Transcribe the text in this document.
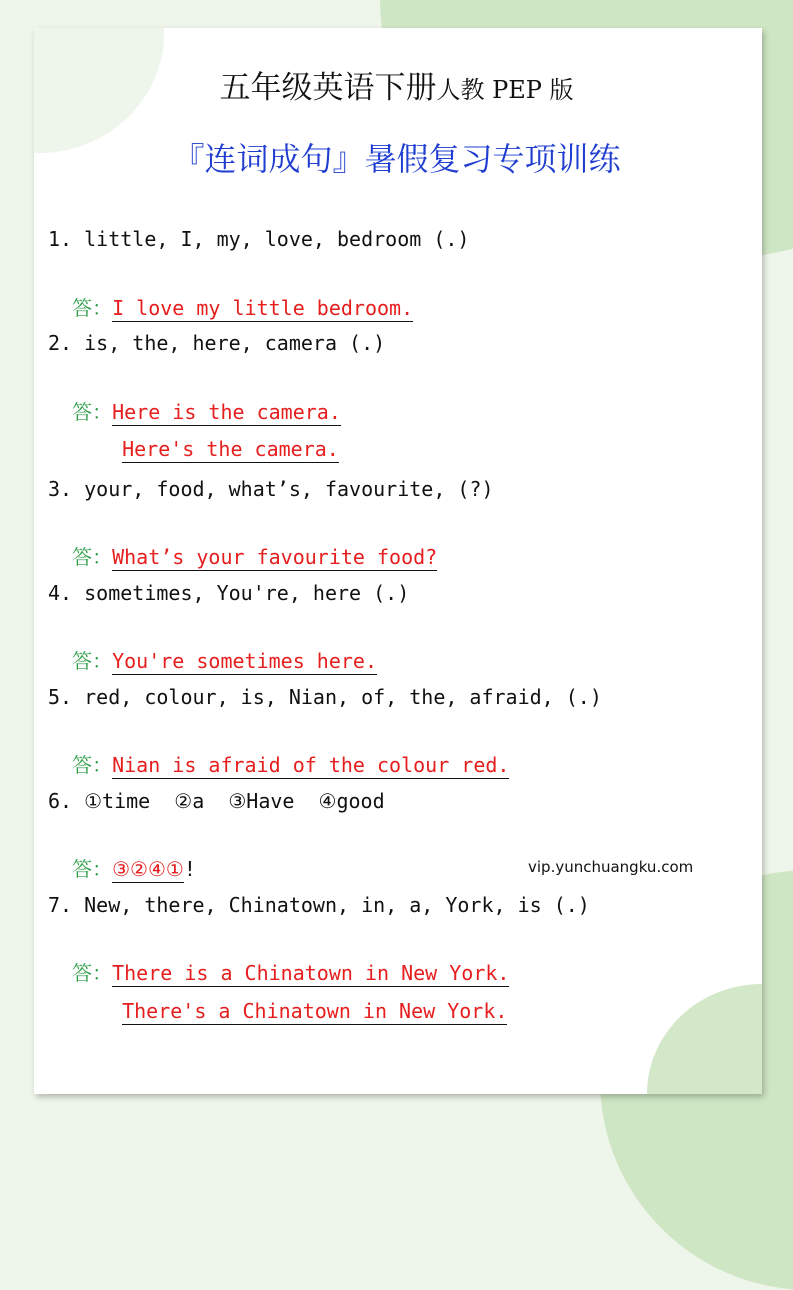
五年级英语下册人教 PEP 版
『连词成句』暑假复习专项训练
1. little, I, my, love, bedroom (.)

答：I love my little bedroom.

2. is, the, here, camera (.)

答：Here is the camera.

Here's the camera.

3. your, food, what’s, favourite, (?)

答：What’s your favourite food?

4. sometimes, You're, here (.)

答：You're sometimes here.

5. red, colour, is, Nian, of, the, afraid, (.)

答：Nian is afraid of the colour red.

6. ①time  ②a  ③Have  ④good

答：③②④①!	vip.yunchuangku.com
7. New, there, Chinatown, in, a, York, is (.)

答：There is a Chinatown in New York.

There's a Chinatown in New York.
